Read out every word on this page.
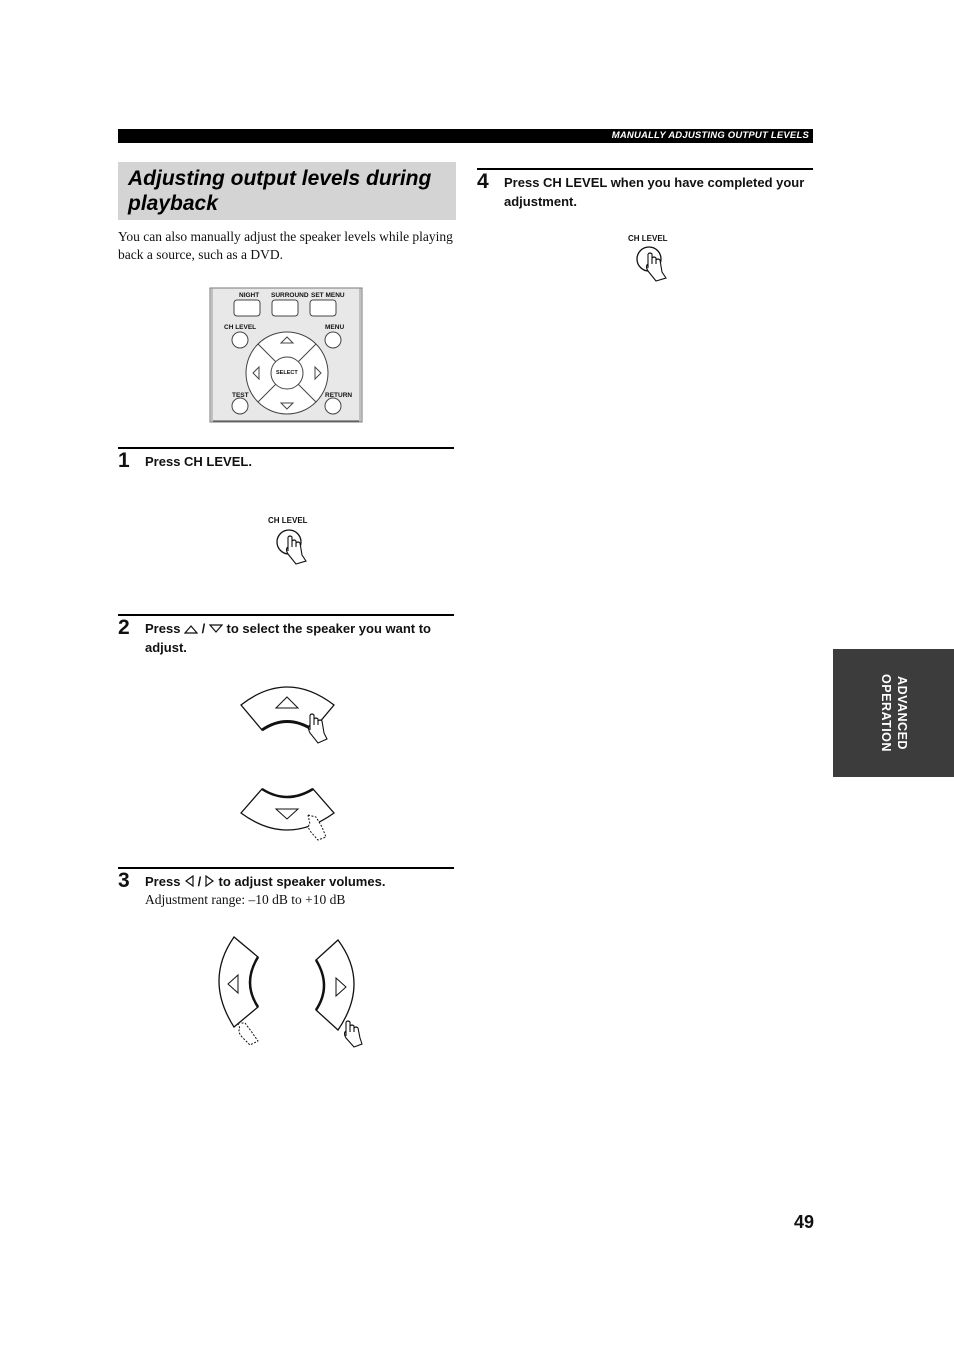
MANUALLY ADJUSTING OUTPUT LEVELS
Adjusting output levels during playback
You can also manually adjust the speaker levels while playing back a source, such as a DVD.
NIGHT SURROUND SET MENU
CH LEVEL	MENU
SELECT
TEST	RETURN
1 Press CH LEVEL.
CH LEVEL
2 Press / to select the speaker you want to adjust.
3 Press / to adjust speaker volumes.
Adjustment range: –10 dB to +10 dB
4 Press CH LEVEL when you have completed your adjustment.
CH LEVEL
ADVANCED
OPERATION
49
